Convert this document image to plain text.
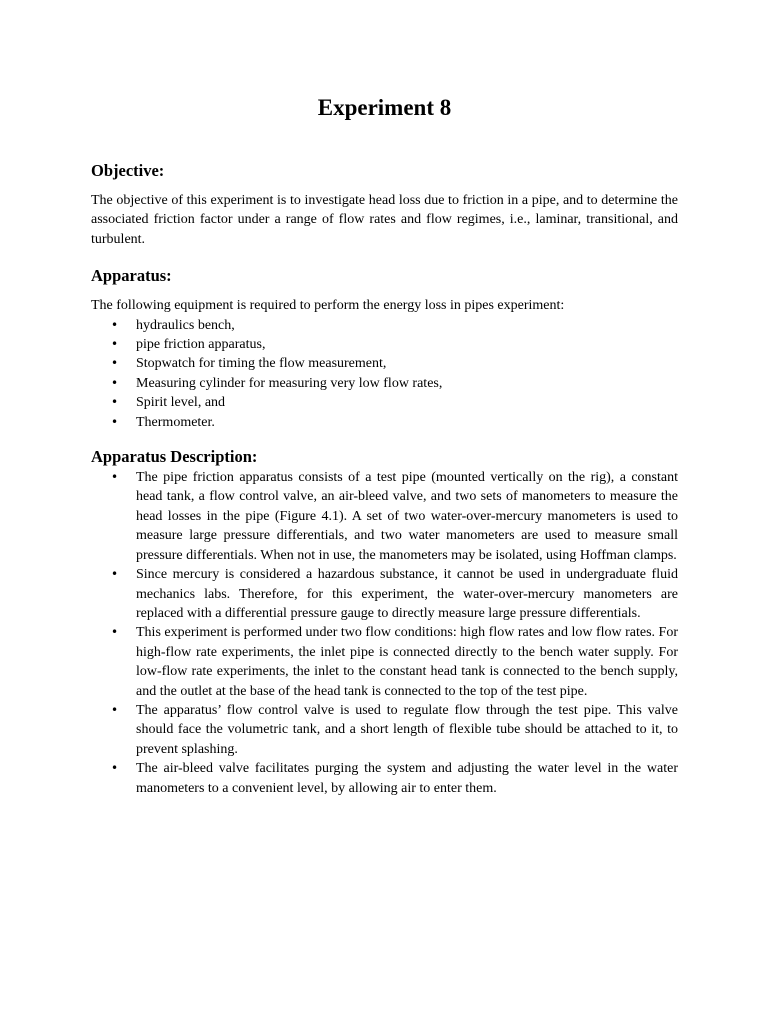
Experiment 8
Objective:

The objective of this experiment is to investigate head loss due to friction in a pipe, and to determine the associated friction factor under a range of flow rates and flow regimes, i.e., laminar, transitional, and turbulent.

Apparatus:

The following equipment is required to perform the energy loss in pipes experiment:

• hydraulics bench,
• pipe friction apparatus,
• Stopwatch for timing the flow measurement,
• Measuring cylinder for measuring very low flow rates,
• Spirit level, and
• Thermometer.
Apparatus Description:
• The pipe friction apparatus consists of a test pipe (mounted vertically on the rig), a constant head tank, a flow control valve, an air-bleed valve, and two sets of manometers to measure the head losses in the pipe (Figure 4.1). A set of two water-over-mercury manometers is used to measure large pressure differentials, and two water manometers are used to measure small pressure differentials. When not in use, the manometers may be isolated, using Hoffman clamps.
• Since mercury is considered a hazardous substance, it cannot be used in undergraduate fluid mechanics labs. Therefore, for this experiment, the water-over-mercury manometers are replaced with a differential pressure gauge to directly measure large pressure differentials.
• This experiment is performed under two flow conditions: high flow rates and low flow rates. For high-flow rate experiments, the inlet pipe is connected directly to the bench water supply. For low-flow rate experiments, the inlet to the constant head tank is connected to the bench supply, and the outlet at the base of the head tank is connected to the top of the test pipe.
• The apparatus’ flow control valve is used to regulate flow through the test pipe. This valve should face the volumetric tank, and a short length of flexible tube should be attached to it, to prevent splashing.
• The air-bleed valve facilitates purging the system and adjusting the water level in the water manometers to a convenient level, by allowing air to enter them.
